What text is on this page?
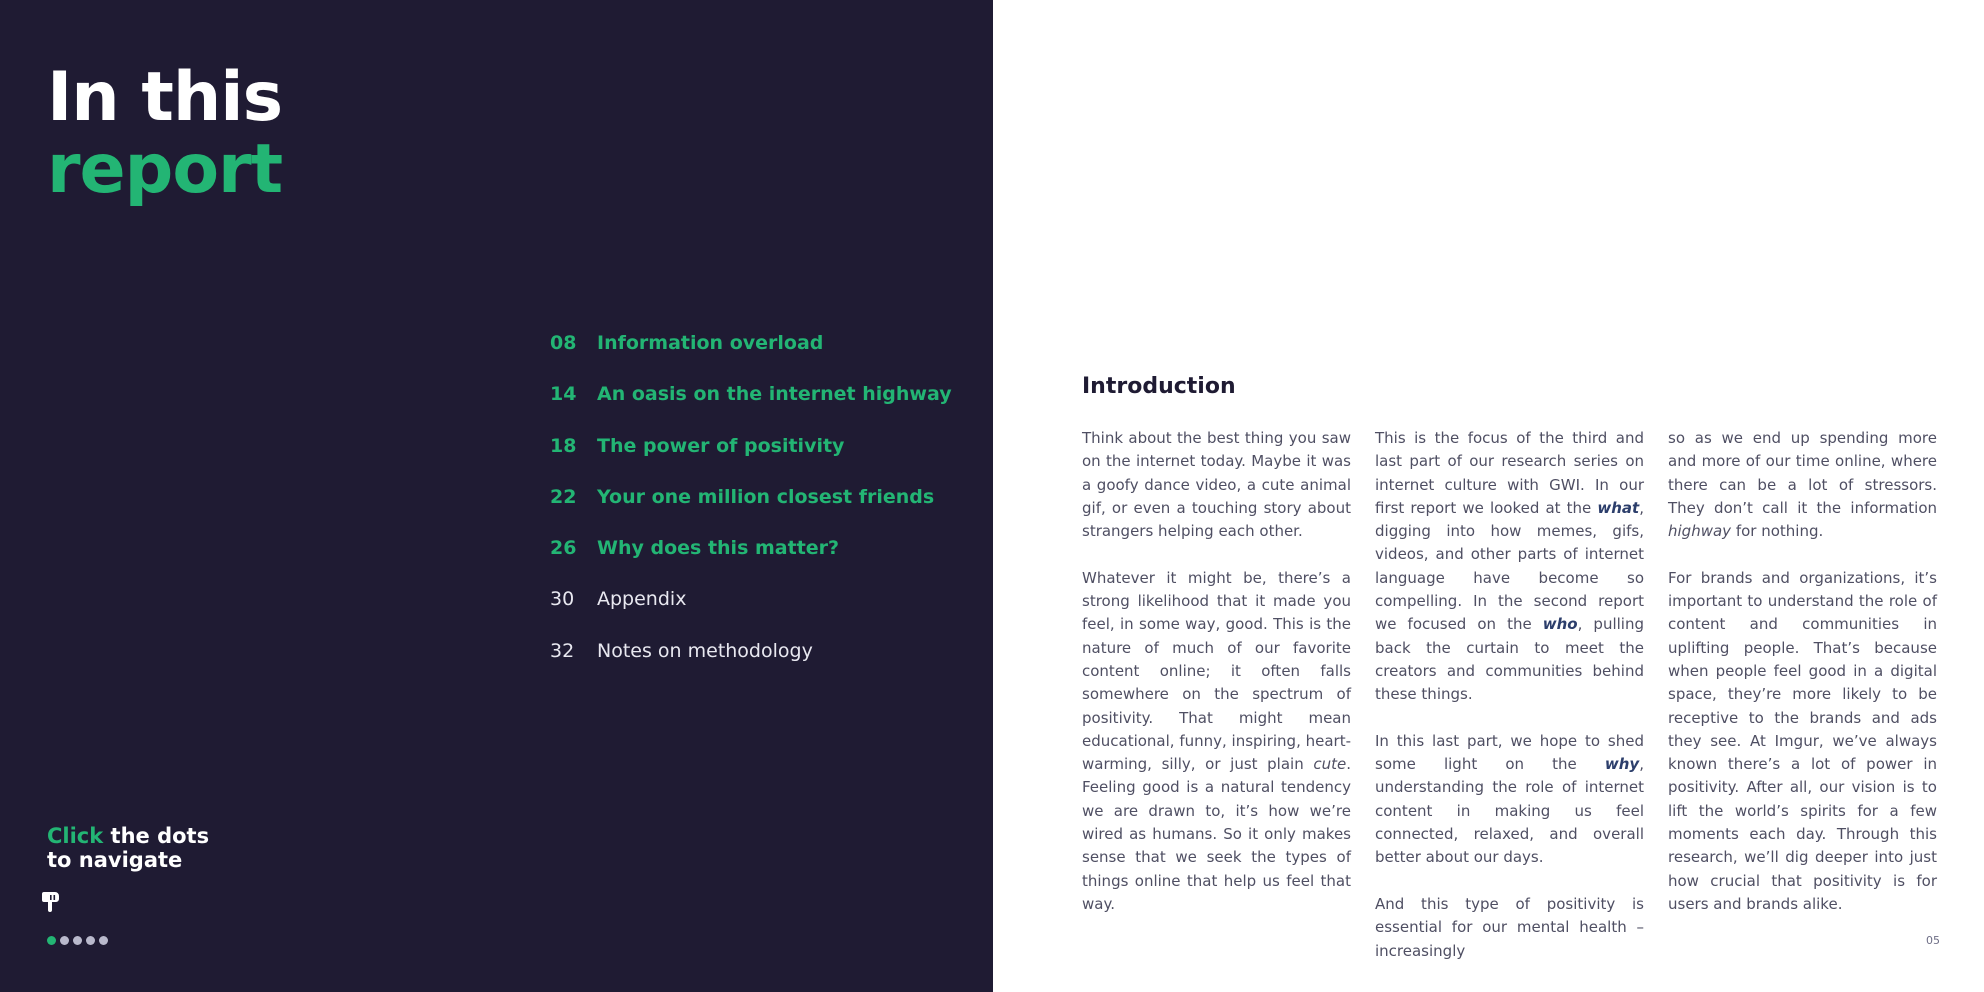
In this
report
08	Information overload
14	An oasis on the internet highway
18	The power of positivity
22	Your one million closest friends
26	Why does this matter?
30	Appendix
32	Notes on methodology
Click the dots
to navigate
Introduction

Think about the best thing you saw on the internet today. Maybe it was a goofy dance video, a cute animal gif, or even a touching story about strangers helping each other.

Whatever it might be, there’s a strong likelihood that it made you feel, in some way, good. This is the nature of much of our favorite content online; it often falls somewhere on the spectrum of positivity. That might mean educational, funny, inspiring, heart-warming, silly, or just plain cute. Feeling good is a natural tendency we are drawn to, it’s how we’re wired as humans. So it only makes sense that we seek the types of things online that help us feel that way.

This is the focus of the third and last part of our research series on internet culture with GWI. In our first report we looked at the what, digging into how memes, gifs, videos, and other parts of internet language have become so compelling. In the second report we focused on the who, pulling back the curtain to meet the creators and communities behind these things.

In this last part, we hope to shed some light on the why, understanding the role of internet content in making us feel connected, relaxed, and overall better about our days.

And this type of positivity is essential for our mental health – increasingly

so as we end up spending more and more of our time online, where there can be a lot of stressors. They don’t call it the information highway for nothing.

For brands and organizations, it’s important to understand the role of content and communities in uplifting people. That’s because when people feel good in a digital space, they’re more likely to be receptive to the brands and ads they see. At Imgur, we’ve always known there’s a lot of power in positivity. After all, our vision is to lift the world’s spirits for a few moments each day. Through this research, we’ll dig deeper into just how crucial that positivity is for users and brands alike.

05
